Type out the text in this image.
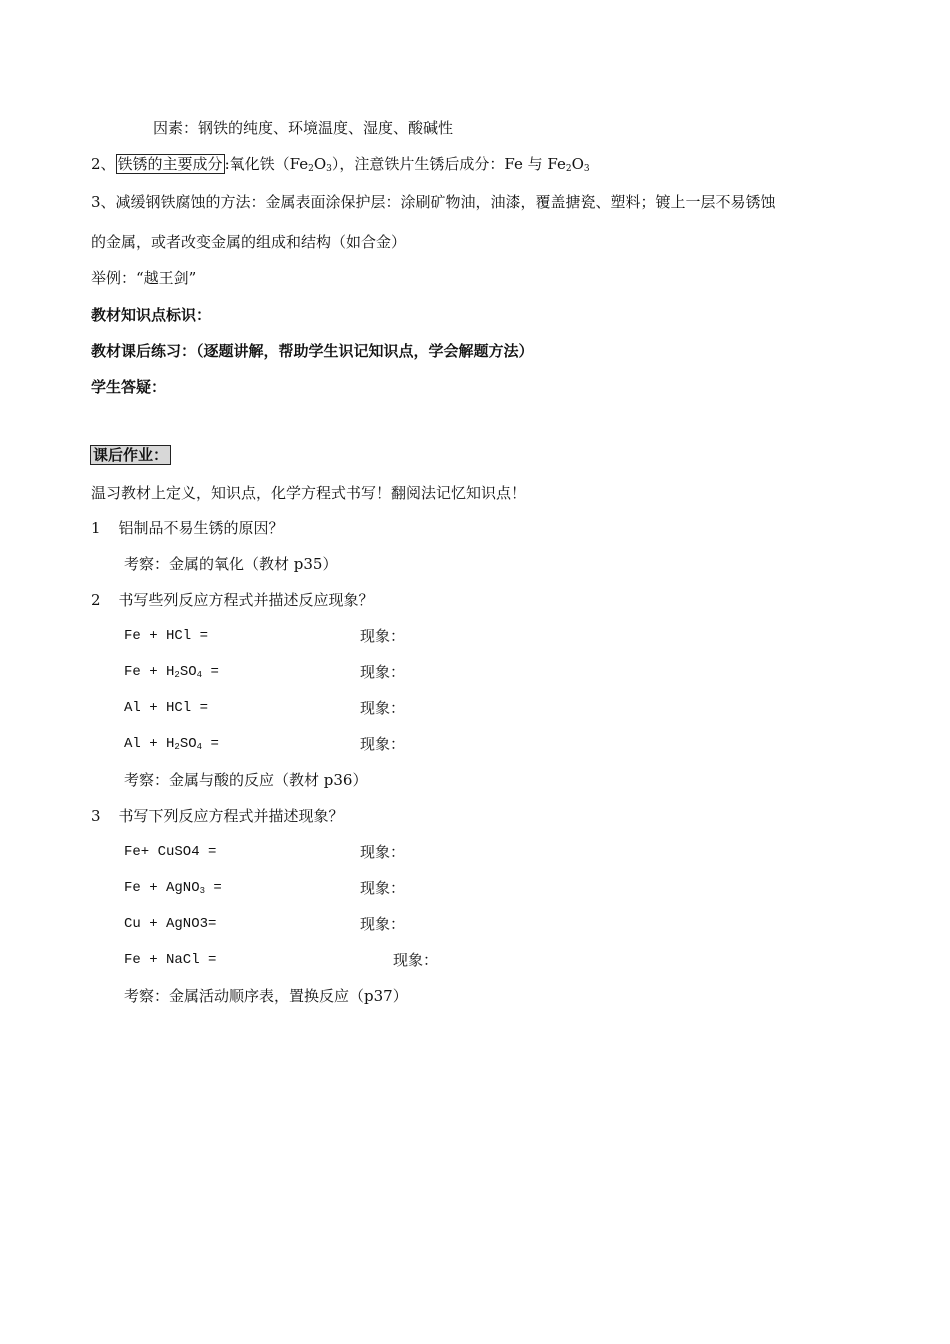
因素：钢铁的纯度、环境温度、湿度、酸碱性
2、 铁锈的主要成分 :氧化铁$(Fe_2O_3)$，注意铁片生锈后成分：Fe 与 $Fe_2O_3$
3、减缓钢铁腐蚀的方法：金属表面涂保护层：涂刷矿物油，油漆，覆盖搪瓷、塑料；镀上一层不易锈蚀
的金属，或者改变金属的组成和结构（如合金）
举例：“越王剑”
教材知识点标识：
教材课后练习：（逐题讲解，帮助学生识记知识点，学会解题方法）
学生答疑：
课后作业：
温习教材上定义，知识点，化学方程式书写！翻阅法记忆知识点！
1 铝制品不易生锈的原因？
考察：金属的氧化（教材 p35）
2 书写些列反应方程式并描述反应现象？
Fe + HCl =	现象：
$Fe + H_2SO_4$ =	现象：
Al + HCl =	现象：
$Al + H_2SO_4$ =	现象：
考察：金属与酸的反应（教材 p36）
3 书写下列反应方程式并描述现象？
Fe+ CuSO4 =	现象：
Fe + AgNO$_3$ =	现象：
Cu + AgNO3=	现象：
Fe + NaCl =	现象：
考察：金属活动顺序表，置换反应（p37）
